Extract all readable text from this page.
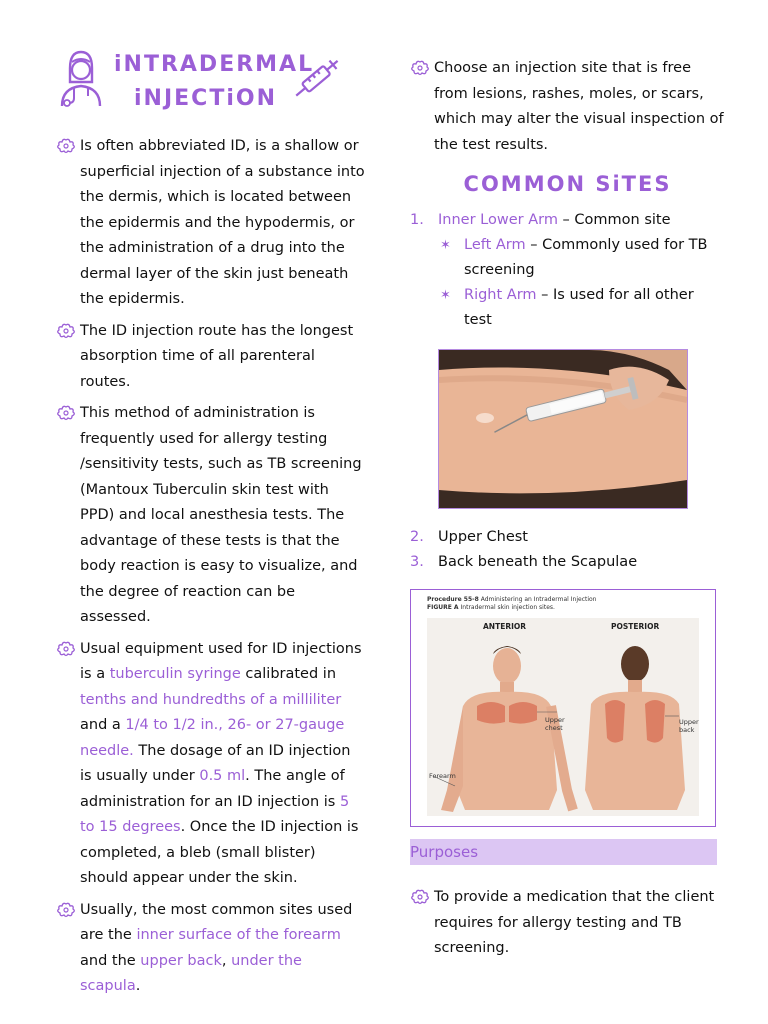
iNTRADERMAL
iNJECTiON
Is often abbreviated ID, is a shallow or superficial injection of a substance into the dermis, which is located between the epidermis and the hypodermis, or the administration of a drug into the dermal layer of the skin just beneath the epidermis.
The ID injection route has the longest absorption time of all parenteral routes.
This method of administration is frequently used for allergy testing /sensitivity tests, such as TB screening (Mantoux Tuberculin skin test with PPD) and local anesthesia tests. The advantage of these tests is that the body reaction is easy to visualize, and the degree of reaction can be assessed.
Usual equipment used for ID injections is a tuberculin syringe calibrated in tenths and hundredths of a milliliter and a 1/4 to 1/2 in., 26- or 27-gauge needle. The dosage of an ID injection is usually under 0.5 ml. The angle of administration for an ID injection is 5 to 15 degrees. Once the ID injection is completed, a bleb (small blister) should appear under the skin.
Usually, the most common sites used are the inner surface of the forearm and the upper back, under the scapula.
Choose an injection site that is free from lesions, rashes, moles, or scars, which may alter the visual inspection of the test results.
COMMON SiTES
1. Inner Lower Arm – Common site
✶ Left Arm – Commonly used for TB screening
✶ Right Arm – Is used for all other test
2. Upper Chest
3. Back beneath the Scapulae
Procedure 55-8 Administering an Intradermal Injection
FIGURE A Intradermal skin injection sites.
ANTERIOR	POSTERIOR
Upper chest
Upper back
Forearm
Purposes
To provide a medication that the client requires for allergy testing and TB screening.
